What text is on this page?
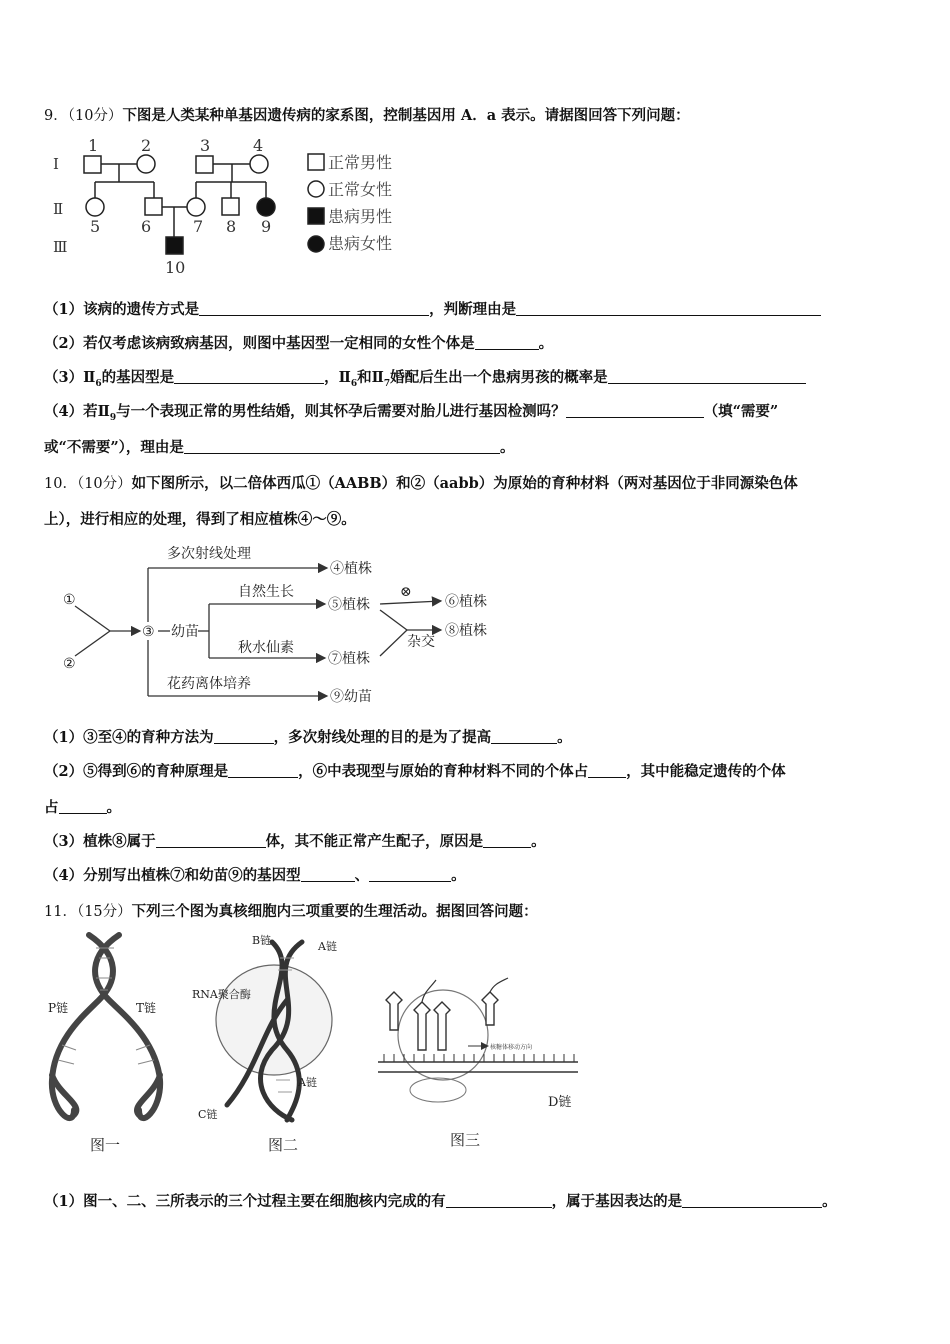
9．（10分）下图是人类某种单基因遗传病的家系图，控制基因用 A．a 表示。请据图回答下列问题：
Ⅰ
Ⅱ
Ⅲ
1	2	3	4
5	6	7 8 9
10
正常男性
正常女性
患病男性
患病女性
（1）该病的遗传方式是	，判断理由是
（2）若仅考虑该病致病基因，则图中基因型一定相同的女性个体是	。
$(3)Ⅱ_6$的基因型是	，$Ⅱ_6$和$Ⅱ_7$婚配后生出一个患病男孩的概率是
（4）若$Ⅱ_9$与一个表现正常的男性结婚，则其怀孕后需要对胎儿进行基因检测吗？	（填“需要”
或“不需要”），理由是	。
10．（10分）如下图所示，以二倍体西瓜①（AABB）和②（aabb）为原始的育种材料（两对基因位于非同源染色体
上），进行相应的处理，得到了相应植株④～⑨。
①
②
③ 幼苗
多次射线处理
④植株
自然生长
⑤植株
⊗
⑥植株
秋水仙素
⑦植株
杂交
⑧植株
花药离体培养
⑨幼苗
（1）③至④的育种方法为	，多次射线处理的目的是为了提高	。
（2）⑤得到⑥的育种原理是	，⑥中表现型与原始的育种材料不同的个体占	，其中能稳定遗传的个体
占	。
（3）植株⑧属于	体，其不能正常产生配子，原因是	。
（4）分别写出植株⑦和幼苗⑨的基因型	、	。
11．（15分）下列三个图为真核细胞内三项重要的生理活动。据图回答问题：
P链	T链
图一
B链	A链
RNA聚合酶
C链
A链
图二
核糖体移动方向
D链
图三
（1）图一、二、三所表示的三个过程主要在细胞核内完成的有	，属于基因表达的是	。
